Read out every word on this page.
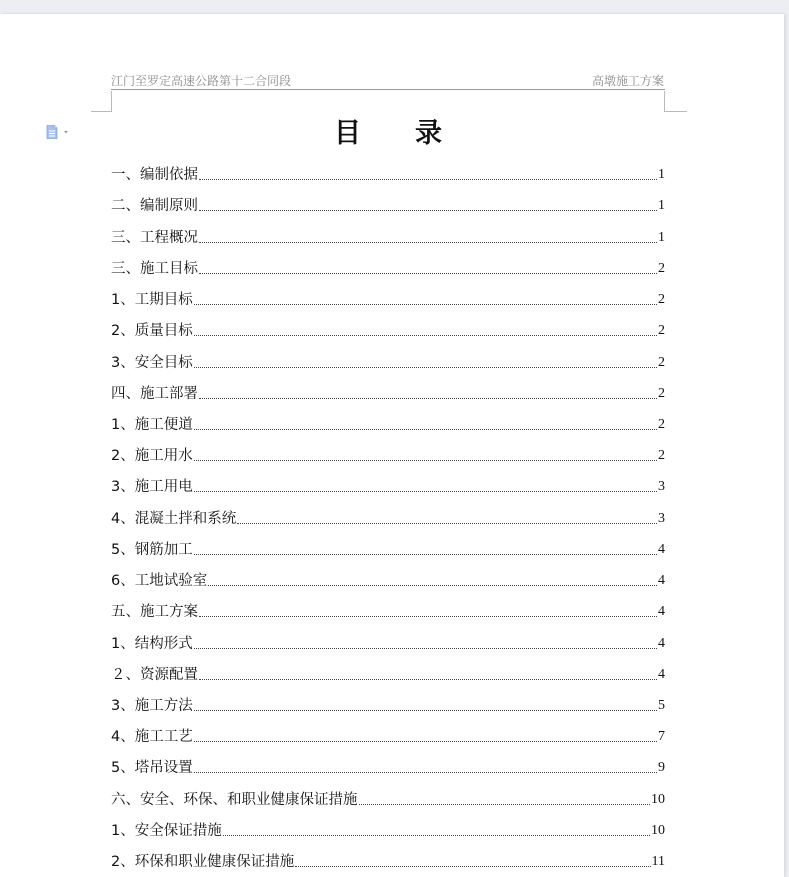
江门至罗定高速公路第十二合同段	高墩施工方案
目　　录
一、编制依据	1
二、编制原则	1
三、工程概况	1
三、施工目标	2
1、工期目标	2
2、质量目标	2
3、安全目标	2
四、施工部署	2
1、施工便道	2
2、施工用水	2
3、施工用电	3
4、混凝土拌和系统	3
5、钢筋加工	4
6、工地试验室	4
五、施工方案	4
1、结构形式	4
２、资源配置	4
3、施工方法	5
4、施工工艺	7
5、塔吊设置	9
六、安全、环保、和职业健康保证措施	10
1、安全保证措施	10
2、环保和职业健康保证措施	11
